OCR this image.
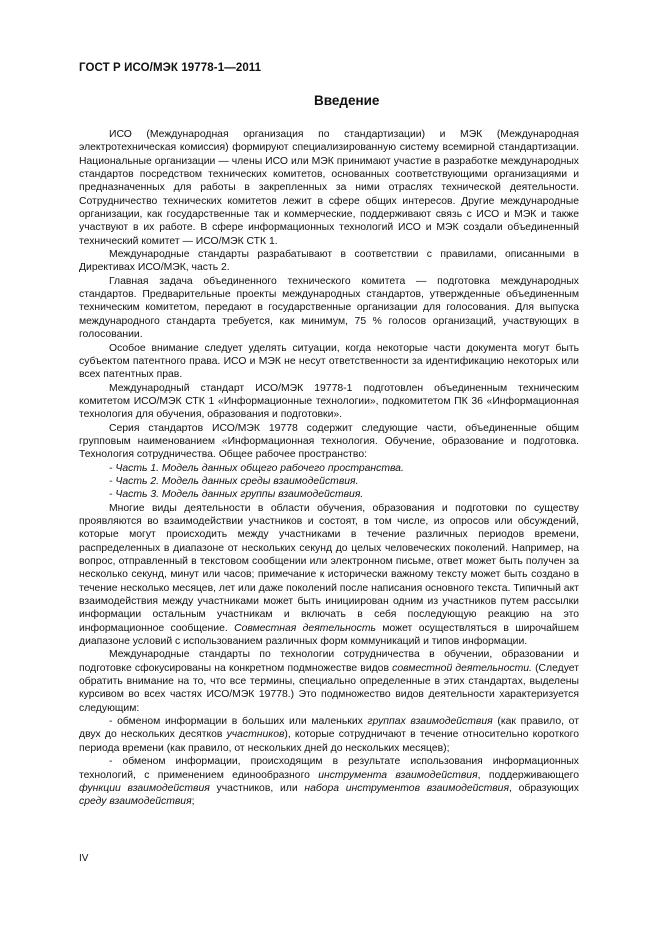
ГОСТ Р ИСО/МЭК 19778-1—2011
Введение

ИСО (Международная организация по стандартизации) и МЭК (Международная электротехническая комиссия) формируют специализированную систему всемирной стандартизации. Национальные организации — члены ИСО или МЭК принимают участие в разработке международных стандартов посредством технических комитетов, основанных соответствующими организациями и предназначенных для работы в закрепленных за ними отраслях технической деятельности. Сотрудничество технических комитетов лежит в сфере общих интересов. Другие международные организации, как государственные так и коммерческие, поддерживают связь с ИСО и МЭК и также участвуют в их работе. В сфере информационных технологий ИСО и МЭК создали объединенный технический комитет — ИСО/МЭК СТК 1.

Международные стандарты разрабатывают в соответствии с правилами, описанными в Директивах ИСО/МЭК, часть 2.

Главная задача объединенного технического комитета — подготовка международных стандартов. Предварительные проекты международных стандартов, утвержденные объединенным техническим комитетом, передают в государственные организации для голосования. Для выпуска международного стандарта требуется, как минимум, 75 % голосов организаций, участвующих в голосовании.

Особое внимание следует уделять ситуации, когда некоторые части документа могут быть субъектом патентного права. ИСО и МЭК не несут ответственности за идентификацию некоторых или всех патентных прав.

Международный стандарт ИСО/МЭК 19778-1 подготовлен объединенным техническим комитетом ИСО/МЭК СТК 1 «Информационные технологии», подкомитетом ПК 36 «Информационная технология для обучения, образования и подготовки».

Серия стандартов ИСО/МЭК 19778 содержит следующие части, объединенные общим групповым наименованием «Информационная технология. Обучение, образование и подготовка. Технология сотрудничества. Общее рабочее пространство:

- Часть 1. Модель данных общего рабочего пространства.

- Часть 2. Модель данных среды взаимодействия.

- Часть 3. Модель данных группы взаимодействия.

Многие виды деятельности в области обучения, образования и подготовки по существу проявляются во взаимодействии участников и состоят, в том числе, из опросов или обсуждений, которые могут происходить между участниками в течение различных периодов времени, распределенных в диапазоне от нескольких секунд до целых человеческих поколений. Например, на вопрос, отправленный в текстовом сообщении или электронном письме, ответ может быть получен за несколько секунд, минут или часов; примечание к исторически важному тексту может быть создано в течение несколько месяцев, лет или даже поколений после написания основного текста. Типичный акт взаимодействия между участниками может быть инициирован одним из участников путем рассылки информации остальным участникам и включать в себя последующую реакцию на это информационное сообщение. Совместная деятельность может осуществляться в широчайшем диапазоне условий с использованием различных форм коммуникаций и типов информации.

Международные стандарты по технологии сотрудничества в обучении, образовании и подготовке сфокусированы на конкретном подмножестве видов совместной деятельности. (Следует обратить внимание на то, что все термины, специально определенные в этих стандартах, выделены курсивом во всех частях ИСО/МЭК 19778.) Это подмножество видов деятельности характеризуется следующим:

- обменом информации в больших или маленьких группах взаимодействия (как правило, от двух до нескольких десятков участников), которые сотрудничают в течение относительно короткого периода времени (как правило, от нескольких дней до нескольких месяцев);

- обменом информации, происходящим в результате использования информационных технологий, с применением единообразного инструмента взаимодействия, поддерживающего функции взаимодействия участников, или набора инструментов взаимодействия, образующих среду взаимодействия;

IV
